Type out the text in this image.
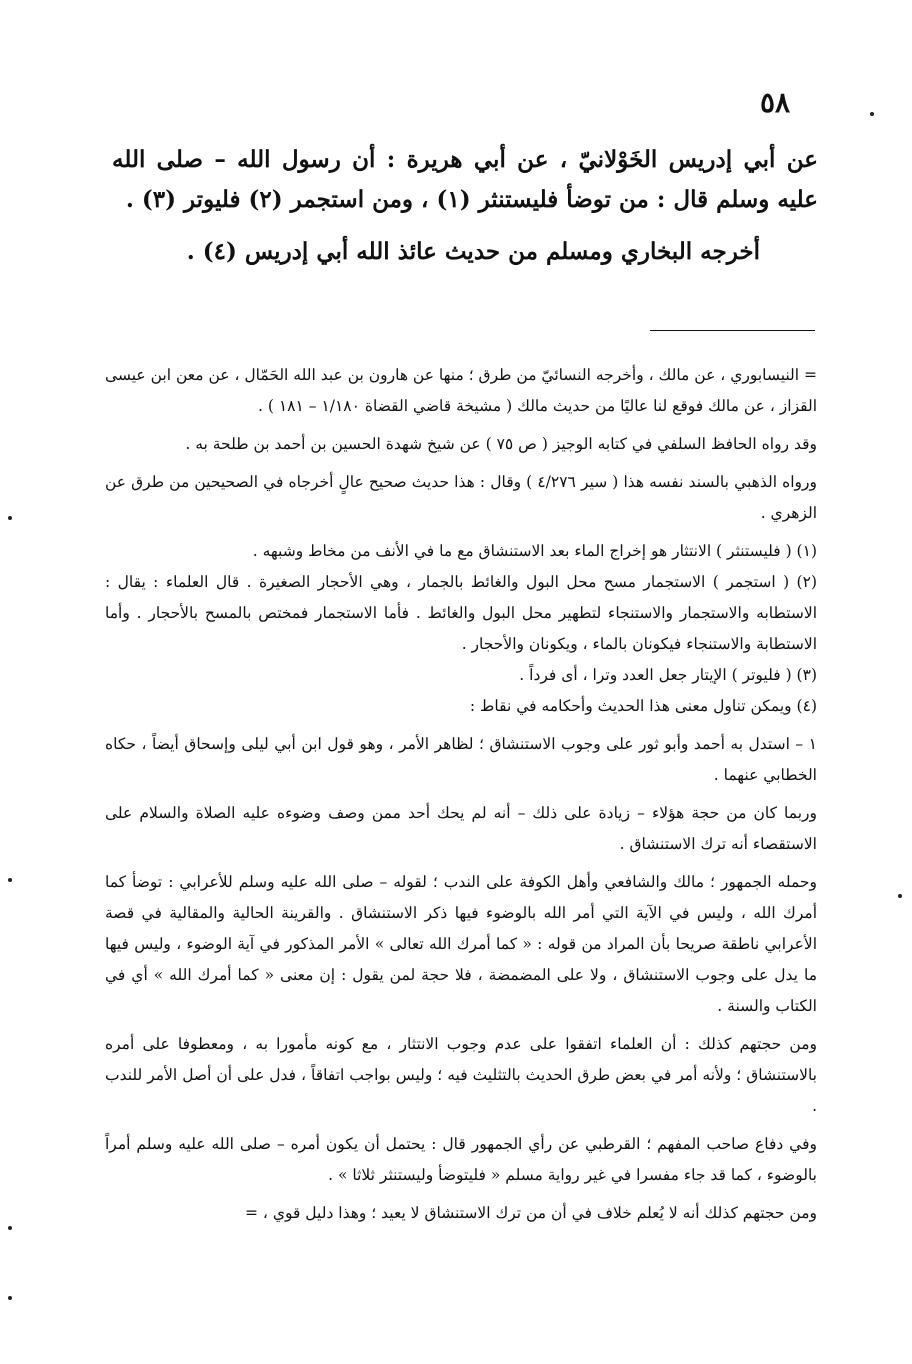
٥٨

عن أبي إدريس الخَوْلانيّ ، عن أبي هريرة : أن رسول الله – صلى الله عليه وسلم قال : من توضأ فليستنثر (١) ، ومن استجمر (٢) فليوتر (٣) .

أخرجه البخاري ومسلم من حديث عائذ الله أبي إدريس (٤) .

= النيسابوري ، عن مالك ، وأخرجه النسائيّ من طرق ؛ منها عن هارون بن عبد الله الحَمّال ، عن معن ابن عيسى القزاز ، عن مالك فوقع لنا عاليًا من حديث مالك ( مشيخة قاضي القضاة ١/١٨٠ – ١٨١ ) .

وقد رواه الحافظ السلفي في كتابه الوجيز ( ص ٧٥ ) عن شيخ شهدة الحسين بن أحمد بن طلحة به .

ورواه الذهبي بالسند نفسه هذا ( سير ٤/٢٧٦ ) وقال : هذا حديث صحيح عالٍ أخرجاه في الصحيحين من طرق عن الزهري .

(١) ( فليستنثر ) الانتثار هو إخراج الماء بعد الاستنشاق مع ما في الأنف من مخاط وشبهه .

(٢) ( استجمر ) الاستجمار مسح محل البول والغائط بالجمار ، وهي الأحجار الصغيرة . قال العلماء : يقال : الاستطابه والاستجمار والاستنجاء لتطهير محل البول والغائط . فأما الاستجمار فمختص بالمسح بالأحجار . وأما الاستطابة والاستنجاء فيكونان بالماء ، ويكونان والأحجار .

(٣) ( فليوتر ) الإيتار جعل العدد وترا ، أى فرداً .

(٤) ويمكن تناول معنى هذا الحديث وأحكامه في نقاط :

١ – استدل به أحمد وأبو ثور على وجوب الاستنشاق ؛ لظاهر الأمر ، وهو قول ابن أبي ليلى وإسحاق أيضاً ، حكاه الخطابي عنهما .

وربما كان من حجة هؤلاء – زيادة على ذلك – أنه لم يحك أحد ممن وصف وضوءه عليه الصلاة والسلام على الاستقصاء أنه ترك الاستنشاق .

وحمله الجمهور ؛ مالك والشافعي وأهل الكوفة على الندب ؛ لقوله – صلى الله عليه وسلم للأعرابي : توضأ كما أمرك الله ، وليس في الآية التي أمر الله بالوضوء فيها ذكر الاستنشاق . والقرينة الحالية والمقالية في قصة الأعرابي ناطقة صريحا بأن المراد من قوله : « كما أمرك الله تعالى » الأمر المذكور في آية الوضوء ، وليس فيها ما يدل على وجوب الاستنشاق ، ولا على المضمضة ، فلا حجة لمن يقول : إن معنى « كما أمرك الله » أي في الكتاب والسنة .

ومن حجتهم كذلك : أن العلماء اتفقوا على عدم وجوب الانتثار ، مع كونه مأمورا به ، ومعطوفا على أمره بالاستنشاق ؛ ولأنه أمر في بعض طرق الحديث بالتثليث فيه ؛ وليس بواجب اتفاقاً ، فدل على أن أصل الأمر للندب .

وفي دفاع صاحب المفهم ؛ القرطبي عن رأي الجمهور قال : يحتمل أن يكون أمره – صلى الله عليه وسلم أمراً بالوضوء ، كما قد جاء مفسرا في غير رواية مسلم « فليتوضأ وليستنثر ثلاثا » .

ومن حجتهم كذلك أنه لا يُعلم خلاف في أن من ترك الاستنشاق لا يعيد ؛ وهذا دليل قوي ، =
